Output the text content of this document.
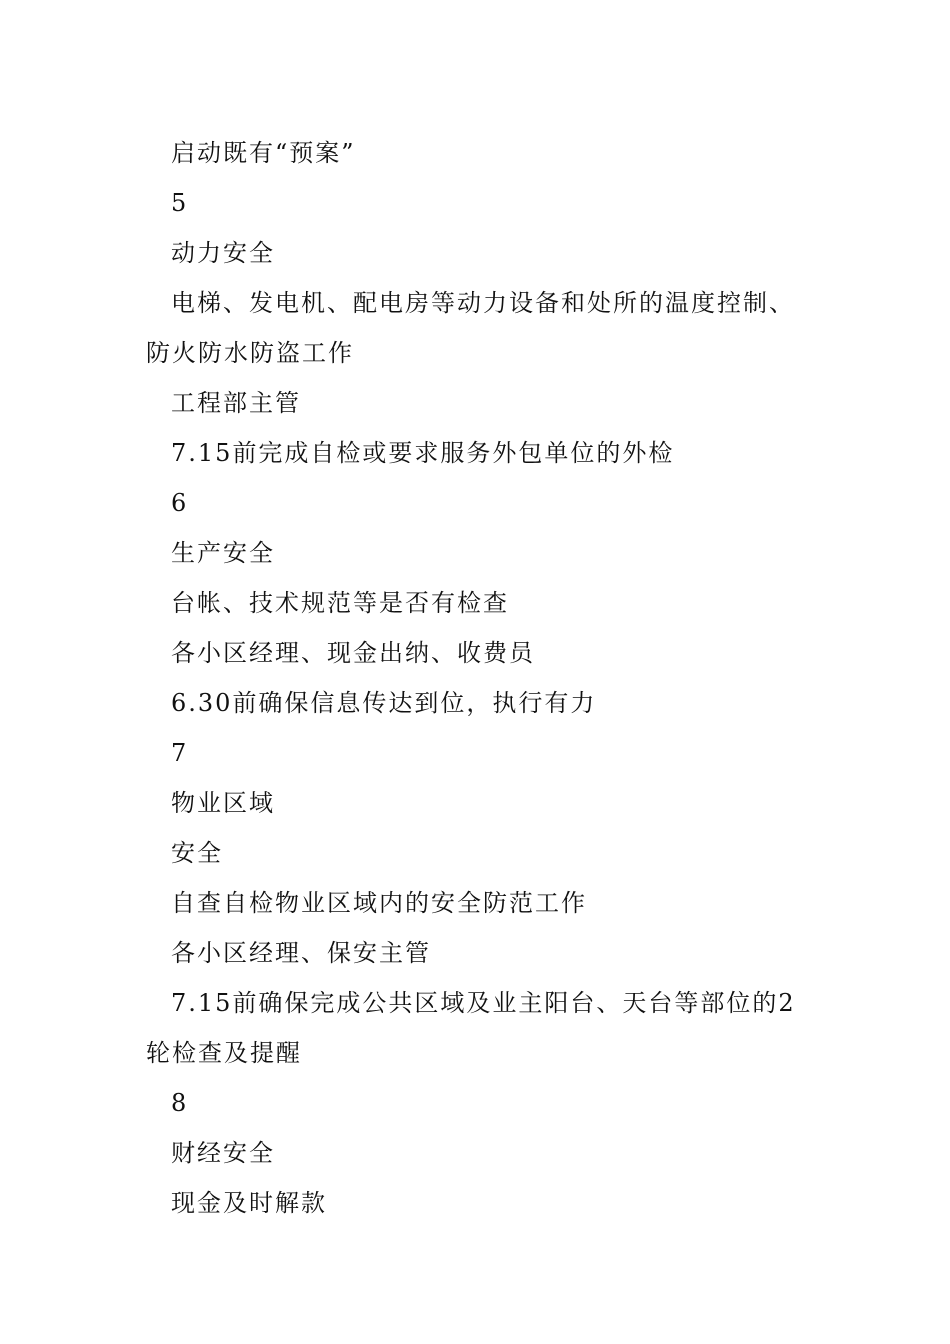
启动既有“预案”
5
动力安全
电梯、发电机、配电房等动力设备和处所的温度控制、
防火防水防盗工作
工程部主管
7.15前完成自检或要求服务外包单位的外检
6
生产安全
台帐、技术规范等是否有检查
各小区经理、现金出纳、收费员
6.30前确保信息传达到位，执行有力
7
物业区域
安全
自查自检物业区域内的安全防范工作
各小区经理、保安主管
7.15前确保完成公共区域及业主阳台、天台等部位的2
轮检查及提醒
8
财经安全
现金及时解款
